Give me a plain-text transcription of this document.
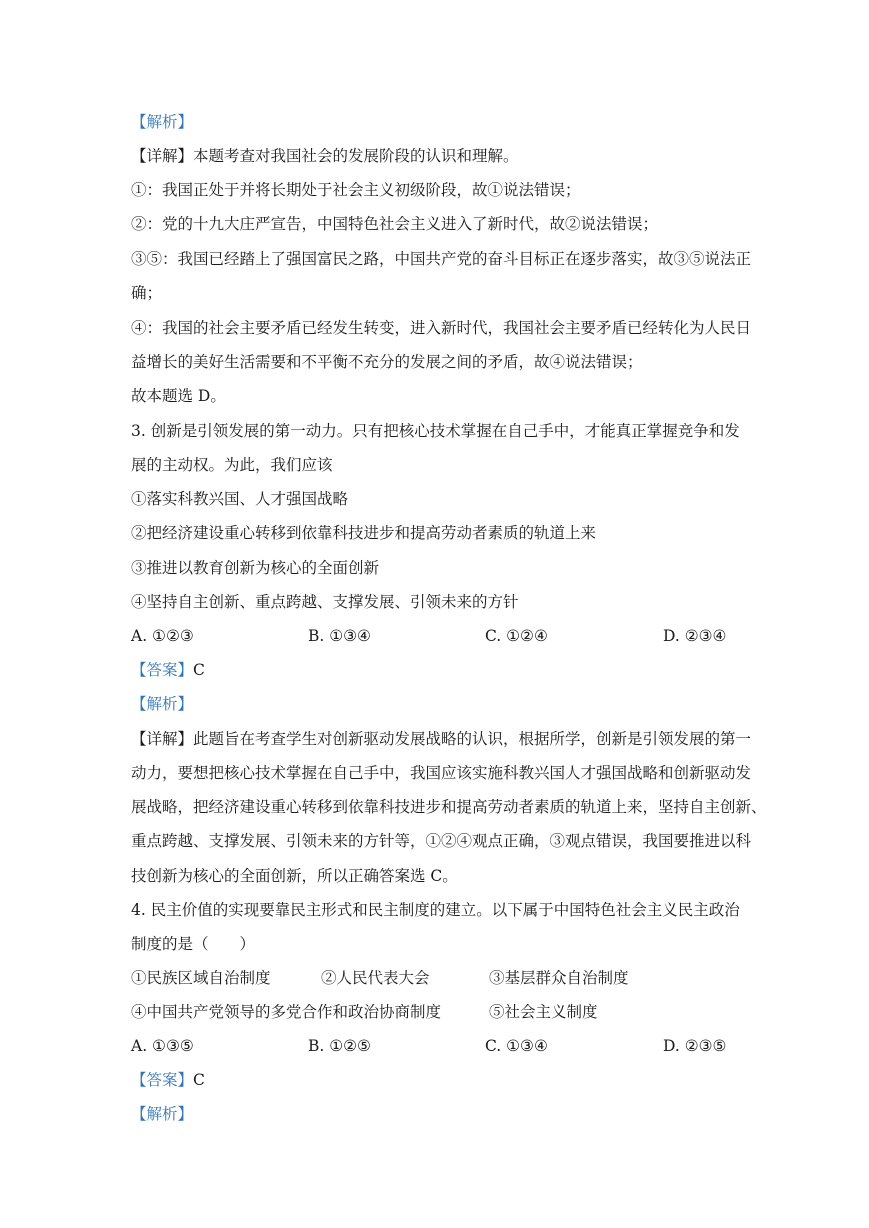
【解析】
【详解】本题考查对我国社会的发展阶段的认识和理解。
①：我国正处于并将长期处于社会主义初级阶段，故①说法错误；
②：党的十九大庄严宣告，中国特色社会主义进入了新时代，故②说法错误；
③⑤：我国已经踏上了强国富民之路，中国共产党的奋斗目标正在逐步落实，故③⑤说法正
确；
④：我国的社会主要矛盾已经发生转变，进入新时代，我国社会主要矛盾已经转化为人民日
益增长的美好生活需要和不平衡不充分的发展之间的矛盾，故④说法错误；
故本题选 D。
3. 创新是引领发展的第一动力。只有把核心技术掌握在自己手中，才能真正掌握竞争和发
展的主动权。为此，我们应该
①落实科教兴国、人才强国战略
②把经济建设重心转移到依靠科技进步和提高劳动者素质的轨道上来
③推进以教育创新为核心的全面创新
④坚持自主创新、重点跨越、支撑发展、引领未来的方针
A. ①②③	B. ①③④	C. ①②④	D. ②③④
【答案】C
【解析】
【详解】此题旨在考查学生对创新驱动发展战略的认识，根据所学，创新是引领发展的第一
动力，要想把核心技术掌握在自己手中，我国应该实施科教兴国人才强国战略和创新驱动发
展战略，把经济建设重心转移到依靠科技进步和提高劳动者素质的轨道上来，坚持自主创新、
重点跨越、支撑发展、引领未来的方针等，①②④观点正确，③观点错误，我国要推进以科
技创新为核心的全面创新，所以正确答案选 C。
4. 民主价值的实现要靠民主形式和民主制度的建立。以下属于中国特色社会主义民主政治
制度的是（　　）
①民族区域自治制度	②人民代表大会	③基层群众自治制度
④中国共产党领导的多党合作和政治协商制度	⑤社会主义制度
A. ①③⑤	B. ①②⑤	C. ①③④	D. ②③⑤
【答案】C
【解析】
